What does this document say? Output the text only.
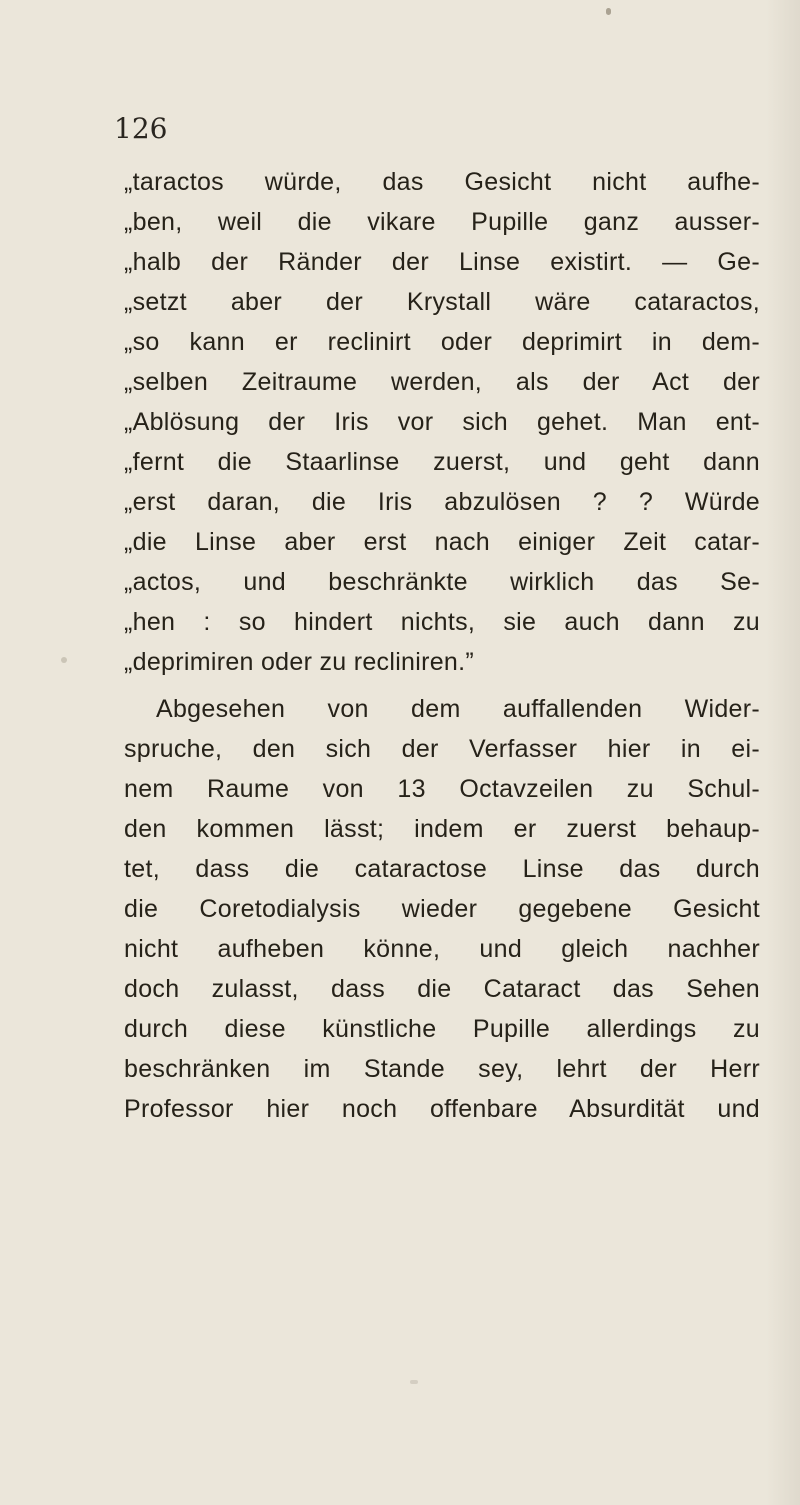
126

„taractos würde, das Gesicht nicht aufhe-
„ben, weil die vikare Pupille ganz ausser-
„halb der Ränder der Linse existirt. — Ge-
„setzt aber der Krystall wäre cataractos,
„so kann er reclinirt oder deprimirt in dem-
„selben Zeitraume werden, als der Act der
„Ablösung der Iris vor sich gehet. Man ent-
„fernt die Staarlinse zuerst, und geht dann
„erst daran, die Iris abzulösen ? ? Würde
„die Linse aber erst nach einiger Zeit catar-
„actos, und beschränkte wirklich das Se-
„hen : so hindert nichts, sie auch dann zu
„deprimiren oder zu recliniren.”
Abgesehen von dem auffallenden Wider-
spruche, den sich der Verfasser hier in ei-
nem Raume von 13 Octavzeilen zu Schul-
den kommen lässt; indem er zuerst behaup-
tet, dass die cataractose Linse das durch
die Coretodialysis wieder gegebene Gesicht
nicht aufheben könne, und gleich nachher
doch zulasst, dass die Cataract das Sehen
durch diese künstliche Pupille allerdings zu
beschränken im Stande sey, lehrt der Herr
Professor hier noch offenbare Absurdität und
